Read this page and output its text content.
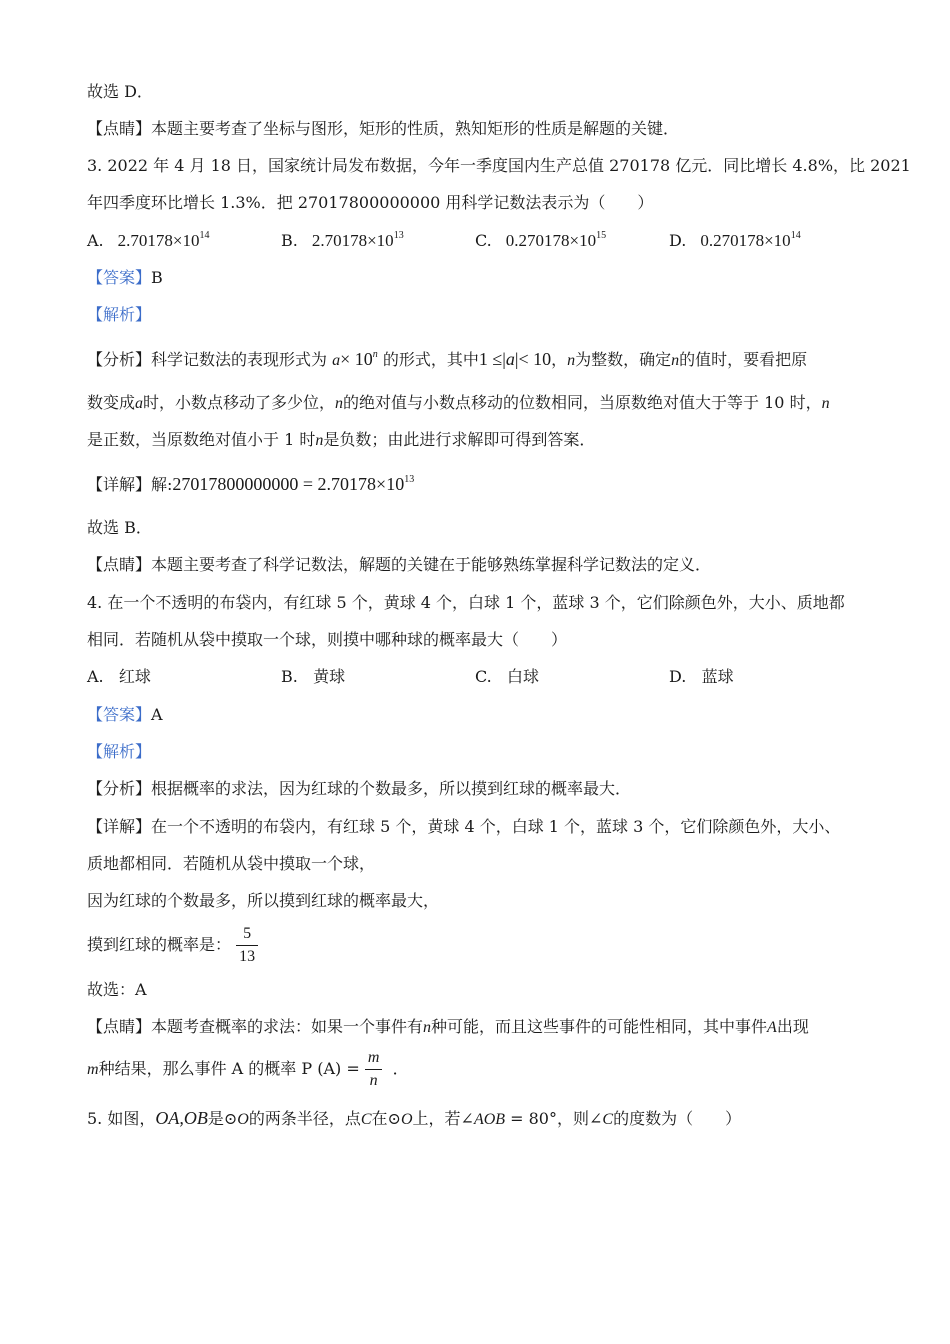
故选 D．
【点睛】本题主要考查了坐标与图形，矩形的性质，熟知矩形的性质是解题的关键．
3. 2022 年 4 月 18 日，国家统计局发布数据，今年一季度国内生产总值 270178 亿元．同比增长 4.8%，比 2021
年四季度环比增长 1.3%．把 27017800000000 用科学记数法表示为（　　）
A. $2.70178\times 10^{14}$	B. $2.70178\times 10^{13}$	C. $0.270178\times 10^{15}$	D. $0.270178\times 10^{14}$
【答案】B
【解析】
【分析】科学记数法的表现形式为 $a\times 10^n$ 的形式，其中1 ≤|a|< 10，n为整数，确定n的值时，要看把原
数变成a时，小数点移动了多少位，n的绝对值与小数点移动的位数相同，当原数绝对值大于等于 10 时，n
是正数，当原数绝对值小于 1 时n是负数；由此进行求解即可得到答案．
【详解】解:27017800000000 = $2.70178\times 10^{13}$
故选 B．
【点睛】本题主要考查了科学记数法，解题的关键在于能够熟练掌握科学记数法的定义．
4. 在一个不透明的布袋内，有红球 5 个，黄球 4 个，白球 1 个，蓝球 3 个，它们除颜色外，大小、质地都
相同．若随机从袋中摸取一个球，则摸中哪种球的概率最大（　　）
A. 红球	B. 黄球	C. 白球	D. 蓝球
【答案】A
【解析】
【分析】根据概率的求法，因为红球的个数最多，所以摸到红球的概率最大．
【详解】在一个不透明的布袋内，有红球 5 个，黄球 4 个，白球 1 个，蓝球 3 个，它们除颜色外，大小、
质地都相同．若随机从袋中摸取一个球，
因为红球的个数最多，所以摸到红球的概率最大，
摸到红球的概率是： $\frac{5}{13}$
故选：A
【点睛】本题考查概率的求法：如果一个事件有n种可能，而且这些事件的可能性相同，其中事件A出现
m种结果，那么事件 A 的概率 P $(A) = \frac{m}{n}$ ．
5. 如图，OA,OB是⊙O的两条半径，点C在⊙O上，若∠AOB = 80°，则∠C的度数为（　　）
